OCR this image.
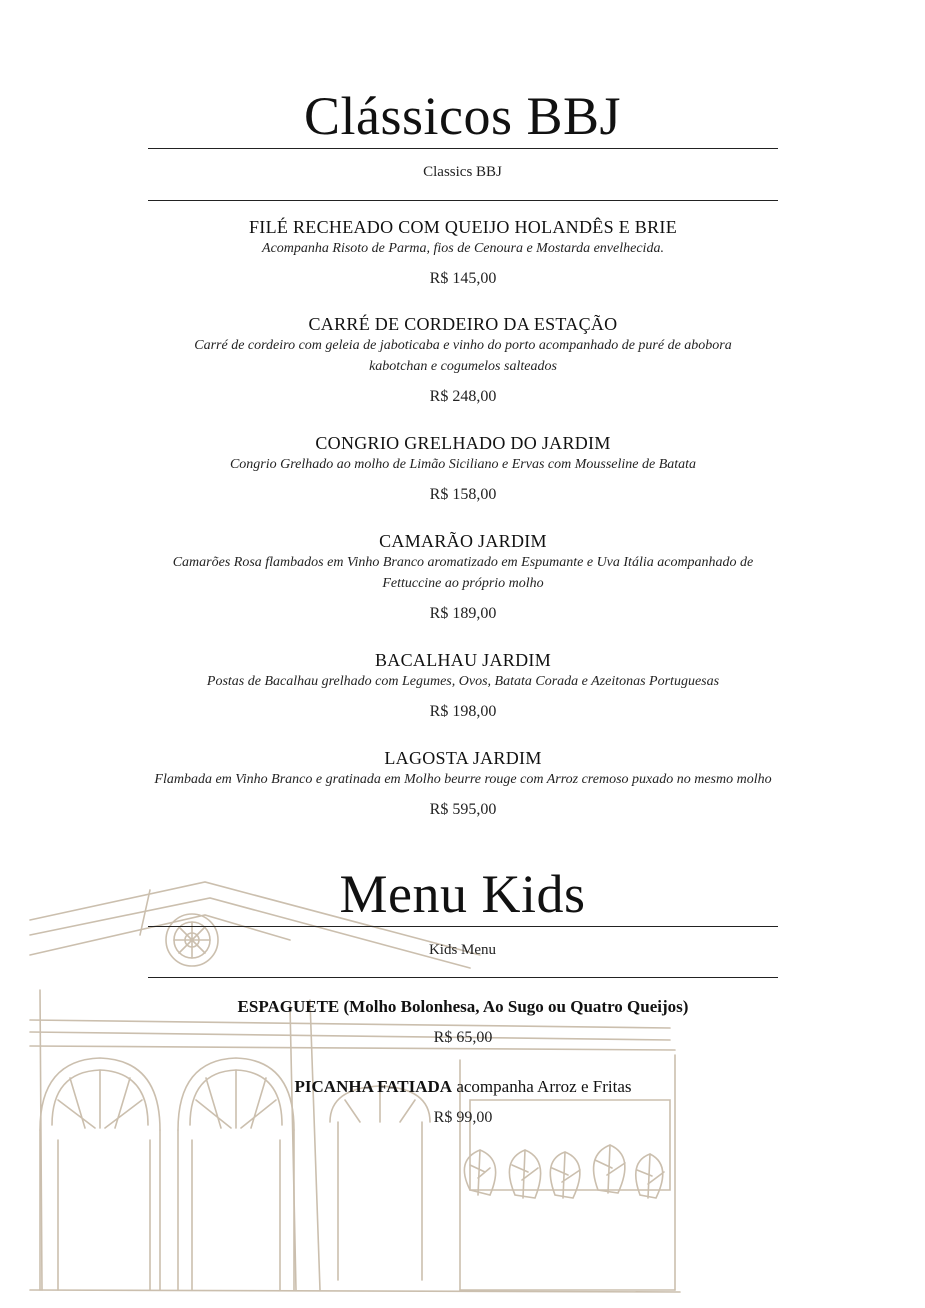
Clássicos BBJ
Classics BBJ
FILÉ RECHEADO COM QUEIJO HOLANDÊS E BRIE
Acompanha Risoto de Parma, fios de Cenoura e Mostarda envelhecida.
R$ 145,00
CARRÉ DE CORDEIRO DA ESTAÇÃO
Carré de cordeiro com geleia de jaboticaba e vinho do porto acompanhado de puré de abobora kabotchan e cogumelos salteados
R$ 248,00
CONGRIO GRELHADO DO JARDIM
Congrio Grelhado ao molho de Limão Siciliano e Ervas com Mousseline de Batata
R$ 158,00
CAMARÃO JARDIM
Camarões Rosa flambados em Vinho Branco aromatizado em Espumante e Uva Itália acompanhado de Fettuccine ao próprio molho
R$ 189,00
BACALHAU JARDIM
Postas de Bacalhau grelhado com Legumes, Ovos, Batata Corada e Azeitonas Portuguesas
R$ 198,00
LAGOSTA JARDIM
Flambada em Vinho Branco e gratinada em Molho beurre rouge com Arroz cremoso puxado no mesmo molho
R$ 595,00
Menu Kids
Kids Menu
ESPAGUETE (Molho Bolonhesa, Ao Sugo ou Quatro Queijos)
R$ 65,00
PICANHA FATIADA acompanha Arroz e Fritas
R$ 99,00
